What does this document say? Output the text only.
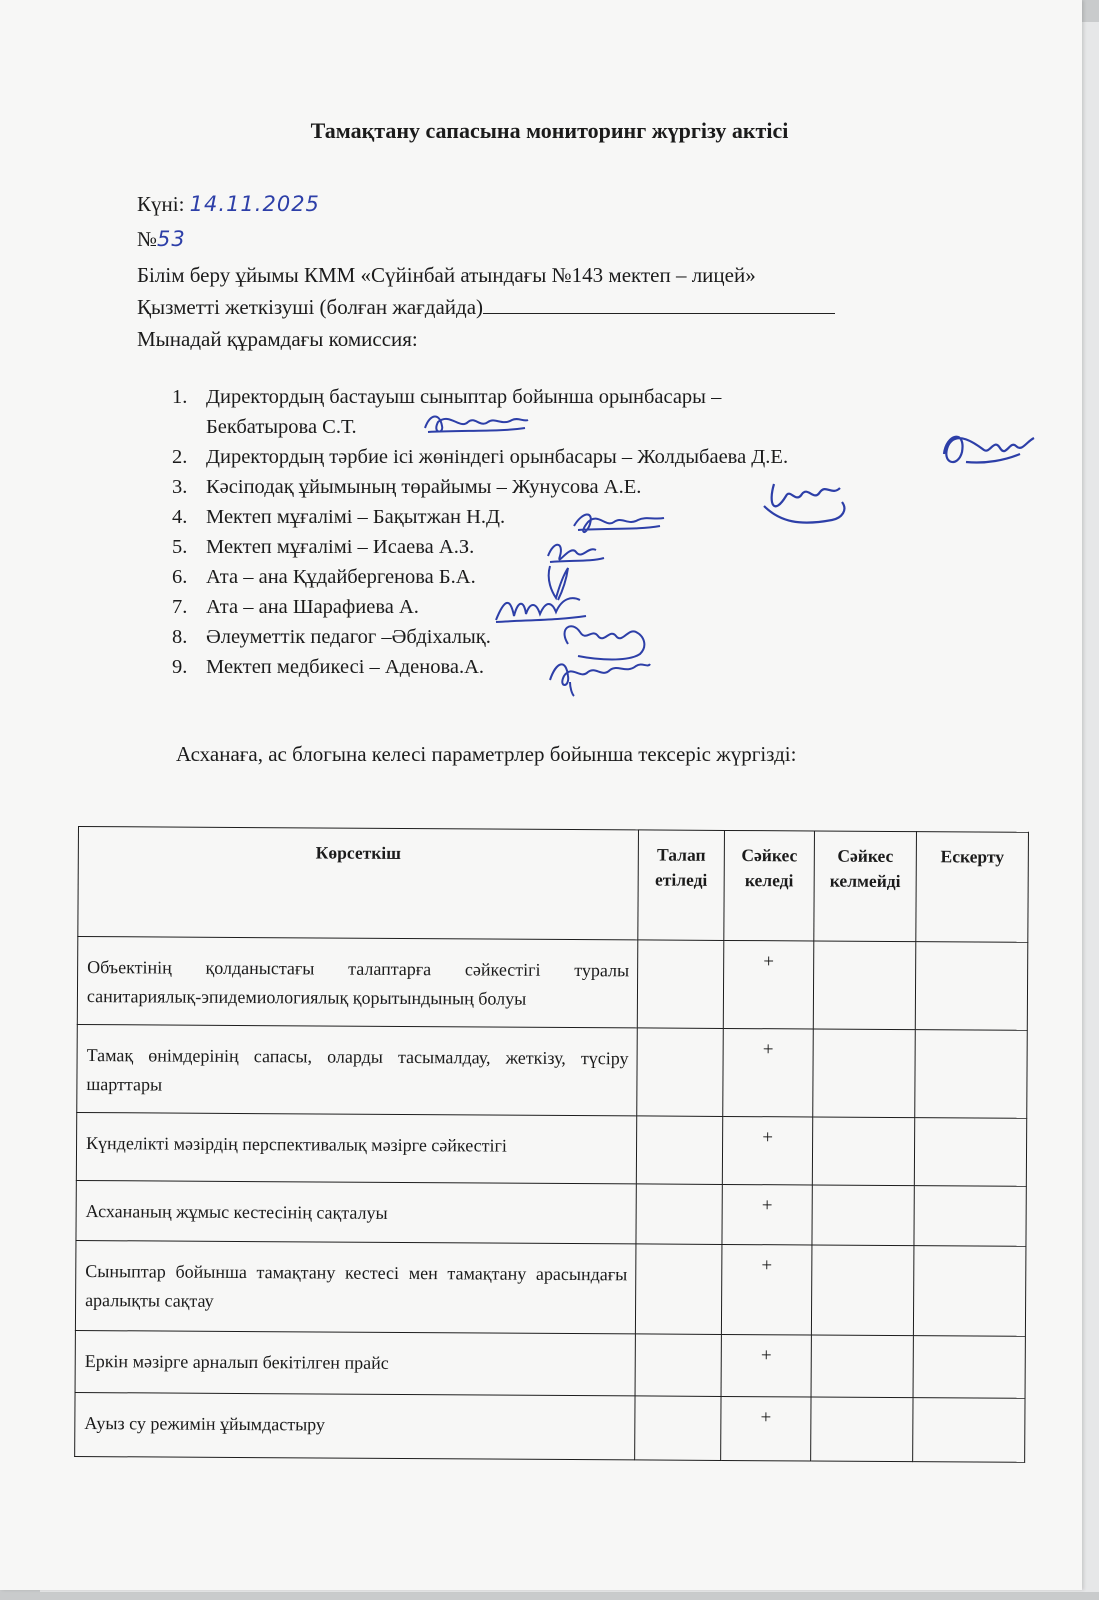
Тамақтану сапасына мониторинг жүргізу актісі
Күні: 14.11.2025
№53
Білім беру ұйымы КММ «Сүйінбай атындағы №143 мектеп – лицей»
Қызметті жеткізуші (болған жағдайда)
Мынадай құрамдағы комиссия:
1. Директордың бастауыш сыныптар бойынша орынбасары –
Бекбатырова С.Т.
2. Директордың тәрбие ісі жөніндегі орынбасары – Жолдыбаева Д.Е.
3. Кәсіподақ ұйымының төрайымы – Жунусова А.Е.
4. Мектеп мұғалімі – Бақытжан Н.Д.
5. Мектеп мұғалімі – Исаева А.З.
6. Ата – ана Құдайбергенова Б.А.
7. Ата – ана Шарафиева А.
8. Әлеуметтік педагог –Әбдіхалық.
9. Мектеп медбикесі – Аденова.А.
Асханаға, ас блогына келесі параметрлер бойынша тексеріс жүргізді:
Көрсеткіш	Талап етіледі	Сәйкес келеді	Сәйкес келмейді	Ескерту
Объектінің қолданыстағы талаптарға сәйкестігі туралы санитариялық-эпидемиологиялық қорытындының болуы		+		
Тамақ өнімдерінің сапасы, оларды тасымалдау, жеткізу, түсіру шарттары		+		
Күнделікті мәзірдің перспективалық мәзірге сәйкестігі		+		
Асхананың жұмыс кестесінің сақталуы		+		
Сыныптар бойынша тамақтану кестесі мен тамақтану арасындағы аралықты сақтау		+		
Еркін мәзірге арналып бекітілген прайс		+		
Ауыз су режимін ұйымдастыру		+		
